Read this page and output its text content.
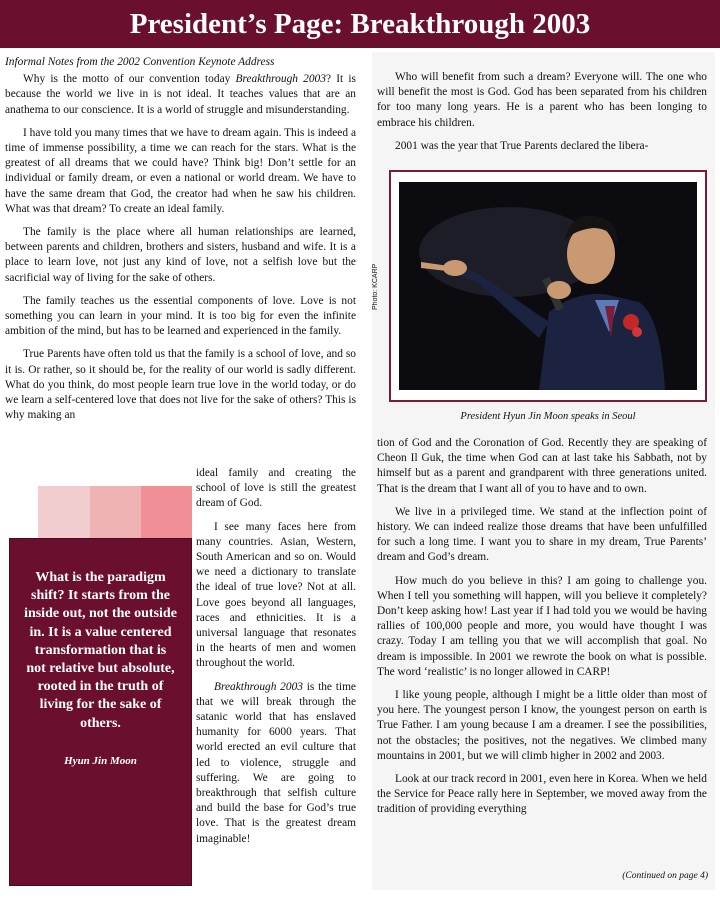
President’s Page: Breakthrough 2003

Informal Notes from the 2002 Convention Keynote Address

Why is the motto of our convention today Breakthrough 2003? It is because the world we live in is not ideal. It teaches values that are an anathema to our conscience. It is a world of struggle and misunderstanding.

I have told you many times that we have to dream again. This is indeed a time of immense possibility, a time we can reach for the stars. What is the greatest of all dreams that we could have? Think big! Don’t settle for an individual or family dream, or even a national or world dream. We have to have the same dream that God, the creator had when he saw his children. What was that dream? To create an ideal family.

The family is the place where all human relationships are learned, between parents and children, brothers and sisters, husband and wife. It is a place to learn love, not just any kind of love, not a selfish love but the sacrificial way of living for the sake of others.

The family teaches us the essential components of love. Love is not something you can learn in your mind. It is too big for even the infinite ambition of the mind, but has to be learned and experienced in the family.

True Parents have often told us that the family is a school of love, and so it is. Or rather, so it should be, for the reality of our world is sadly different. What do you think, do most people learn true love in the world today, or do we learn a self-centered love that does not live for the sake of others? This is why making an

ideal family and creating the school of love is still the greatest dream of God.

I see many faces here from many countries. Asian, Western, South American and so on. Would we need a dictionary to translate the ideal of true love? Not at all. Love goes beyond all languages, races and ethnicities. It is a universal language that resonates in the hearts of men and women throughout the world.

Breakthrough 2003 is the time that we will break through the satanic world that has enslaved humanity for 6000 years. That world erected an evil culture that led to violence, struggle and suffering. We are going to breakthrough that selfish culture and build the base for God’s true love. That is the greatest dream imaginable!

What is the paradigm shift? It starts from the inside out, not the outside in. It is a value centered transformation that is not relative but absolute, rooted in the truth of living for the sake of others.
Hyun Jin Moon

Who will benefit from such a dream? Everyone will. The one who will benefit the most is God. God has been separated from his children for too many long years. He is a parent who has been longing to embrace his children.

2001 was the year that True Parents declared the libera-

Photo: KCARP
President Hyun Jin Moon speaks in Seoul

tion of God and the Coronation of God. Recently they are speaking of Cheon Il Guk, the time when God can at last take his Sabbath, not by himself but as a parent and grandparent with three generations united. That is the dream that I want all of you to have and to own.

We live in a privileged time. We stand at the inflection point of history. We can indeed realize those dreams that have been unfulfilled for such a long time. I want you to share in my dream, True Parents’ dream and God’s dream.

How much do you believe in this? I am going to challenge you. When I tell you something will happen, will you believe it completely? Don’t keep asking how! Last year if I had told you we would be having rallies of 100,000 people and more, you would have thought I was crazy. Today I am telling you that we will accomplish that goal. No dream is impossible. In 2001 we rewrote the book on what is possible. The word ‘realistic’ is no longer allowed in CARP!

I like young people, although I might be a little older than most of you here. The youngest person I know, the youngest person on earth is True Father. I am young because I am a dreamer. I see the possibilities, not the obstacles; the positives, not the negatives. We climbed many mountains in 2001, but we will climb higher in 2002 and 2003.

Look at our track record in 2001, even here in Korea. When we held the Service for Peace rally here in September, we moved away from the tradition of providing everything

(Continued on page 4)
